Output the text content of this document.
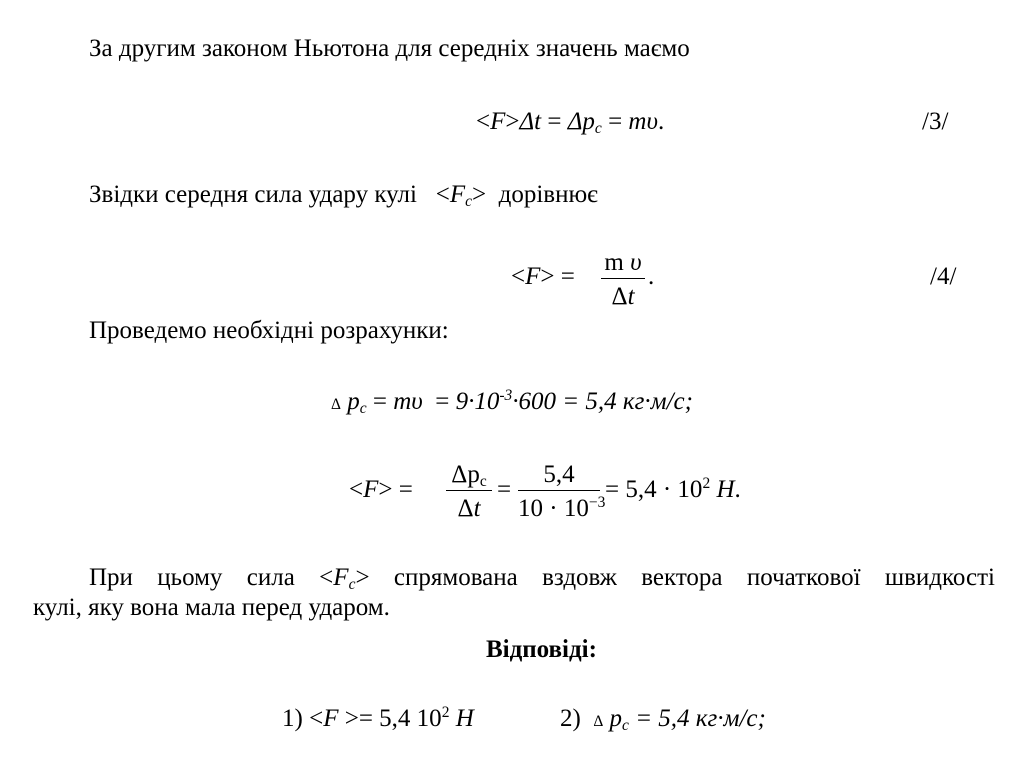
За другим законом Ньютона для середніх значень маємо
$<F>\Delta t = \Delta p_c = m\upsilon$.	/3/
Звідки середня сила удару кулі   $<F_c>$  дорівнює
<F> =
m υ
Δt
.	/4/
Проведемо необхідні розрахунки:
Δ $p_c = m\upsilon = 9\cdot 10^{-3}\cdot 600 = 5,4$ кг·м/с;
<F> =
$\Delta p_c$
Δt
=
5,4
$10 \cdot 10^{-3} = 5,4 \cdot 10^2$ H.
При цьому сила $<F_c>$ спрямована вздовж вектора початкової швидкості
кулі, яку вона мала перед ударом.
Відповіді:
1) <F >= 5,4 $10^2$ H	2) Δ $p_c = 5,4$ кг·м/с;
